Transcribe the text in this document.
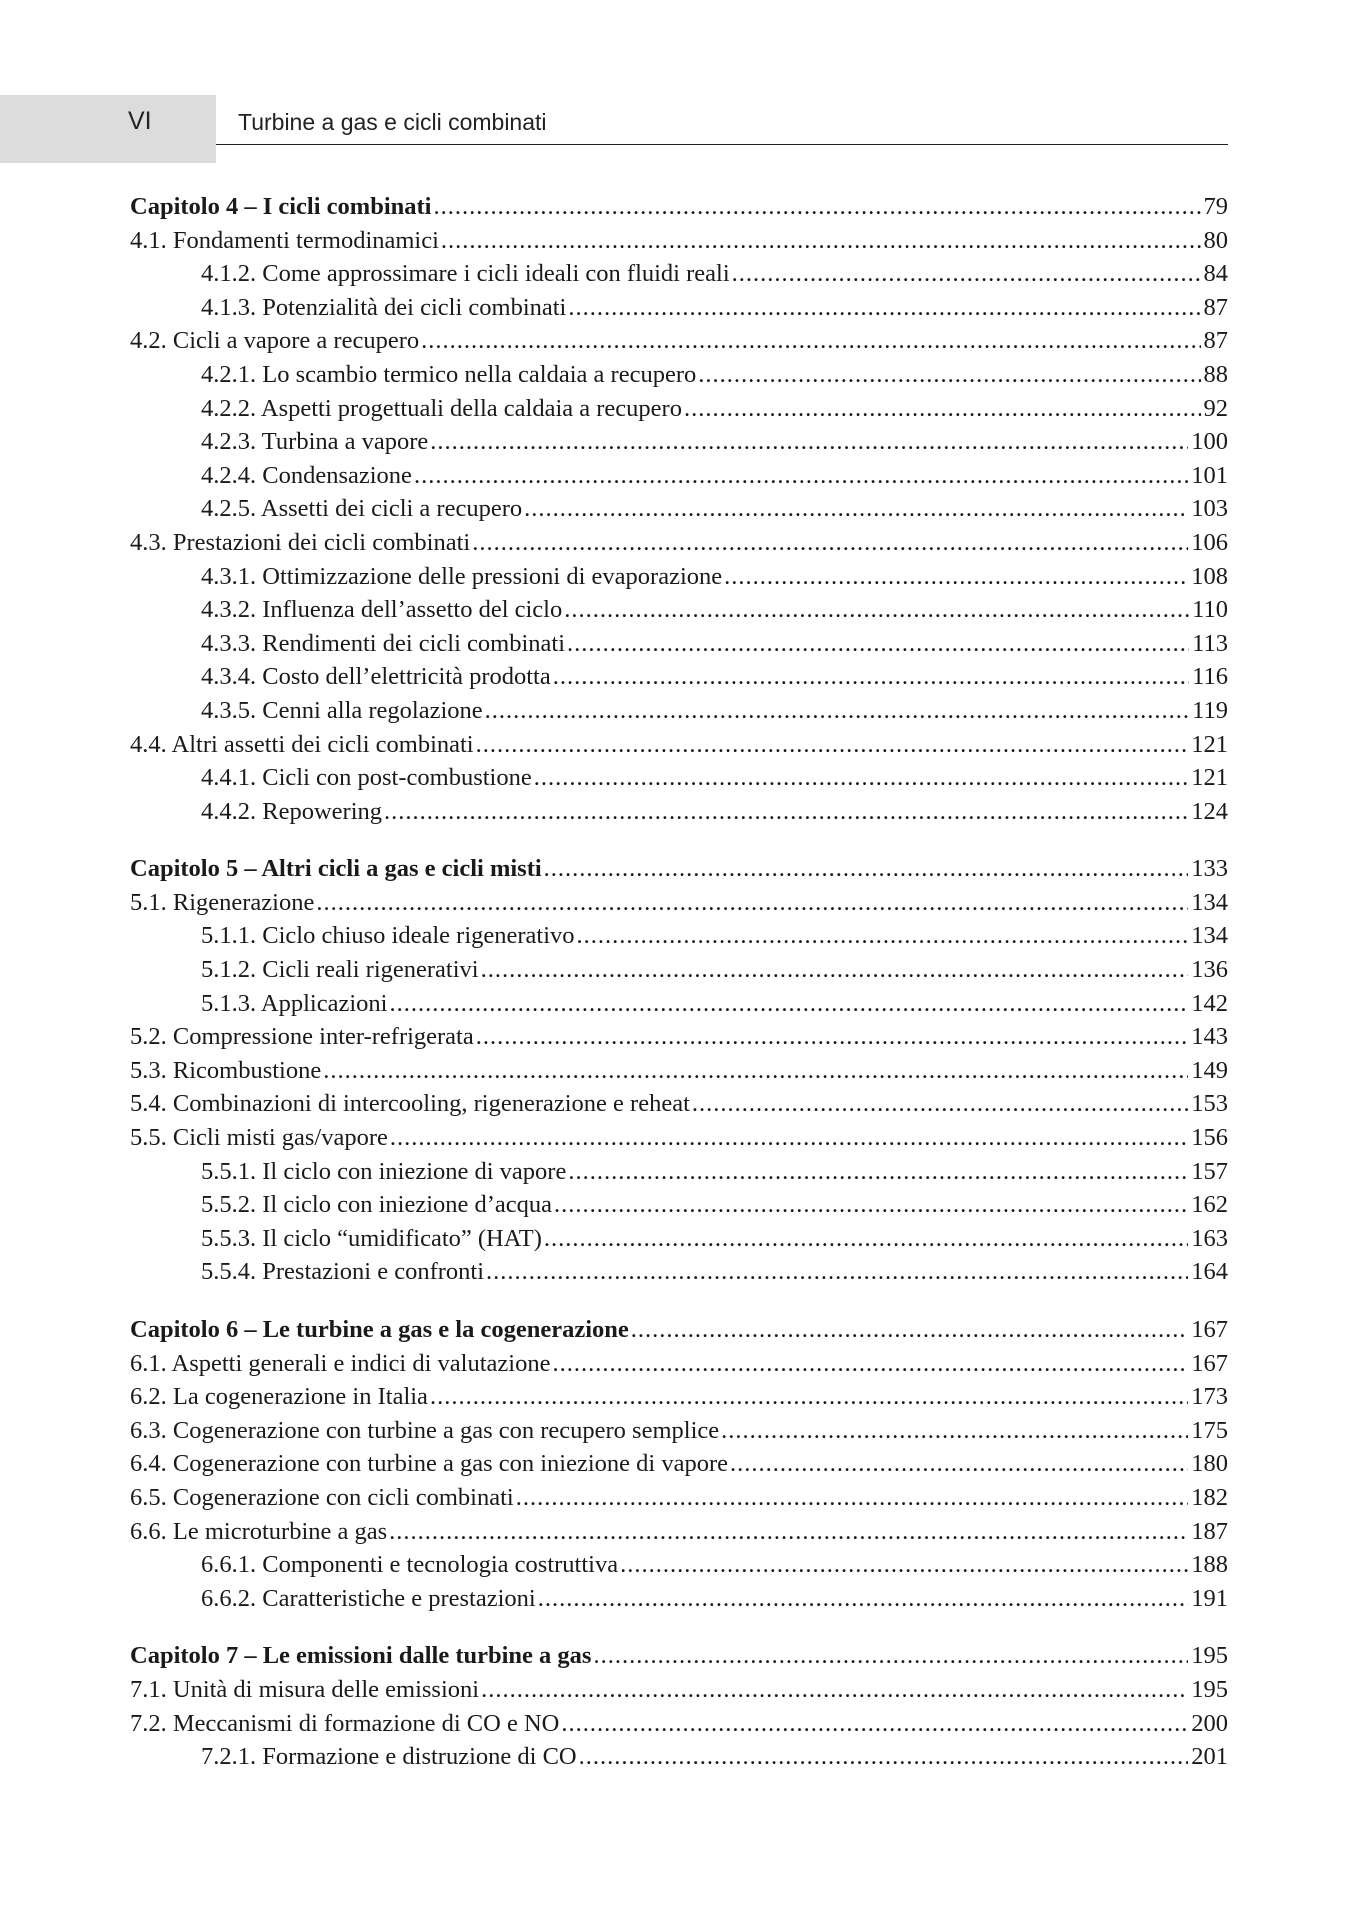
VI	Turbine a gas e cicli combinati
Capitolo 4 – I cicli combinati .....	79
4.1. Fondamenti termodinamici .....	80
4.1.2. Come approssimare i cicli ideali con fluidi reali .....	84
4.1.3. Potenzialità dei cicli combinati .....	87
4.2. Cicli a vapore a recupero .....	87
4.2.1. Lo scambio termico nella caldaia a recupero .....	88
4.2.2. Aspetti progettuali della caldaia a recupero .....	92
4.2.3. Turbina a vapore .....	100
4.2.4. Condensazione .....	101
4.2.5. Assetti dei cicli a recupero .....	103
4.3. Prestazioni dei cicli combinati .....	106
4.3.1. Ottimizzazione delle pressioni di evaporazione .....	108
4.3.2. Influenza dell’assetto del ciclo .....	110
4.3.3. Rendimenti dei cicli combinati .....	113
4.3.4. Costo dell’elettricità prodotta .....	116
4.3.5. Cenni alla regolazione .....	119
4.4. Altri assetti dei cicli combinati .....	121
4.4.1. Cicli con post-combustione .....	121
4.4.2. Repowering .....	124
Capitolo 5 – Altri cicli a gas e cicli misti .....	133
5.1. Rigenerazione .....	134
5.1.1. Ciclo chiuso ideale rigenerativo .....	134
5.1.2. Cicli reali rigenerativi .....	136
5.1.3. Applicazioni .....	142
5.2. Compressione inter-refrigerata .....	143
5.3. Ricombustione .....	149
5.4. Combinazioni di intercooling, rigenerazione e reheat .....	153
5.5. Cicli misti gas/vapore .....	156
5.5.1. Il ciclo con iniezione di vapore .....	157
5.5.2. Il ciclo con iniezione d’acqua .....	162
5.5.3. Il ciclo “umidificato” (HAT) .....	163
5.5.4. Prestazioni e confronti .....	164
Capitolo 6 – Le turbine a gas e la cogenerazione .....	167
6.1. Aspetti generali e indici di valutazione .....	167
6.2. La cogenerazione in Italia .....	173
6.3. Cogenerazione con turbine a gas con recupero semplice .....	175
6.4. Cogenerazione con turbine a gas con iniezione di vapore .....	180
6.5. Cogenerazione con cicli combinati .....	182
6.6. Le microturbine a gas .....	187
6.6.1. Componenti e tecnologia costruttiva .....	188
6.6.2. Caratteristiche e prestazioni .....	191
Capitolo 7 – Le emissioni dalle turbine a gas .....	195
7.1. Unità di misura delle emissioni .....	195
7.2. Meccanismi di formazione di CO e NO .....	200
7.2.1. Formazione e distruzione di CO .....	201
